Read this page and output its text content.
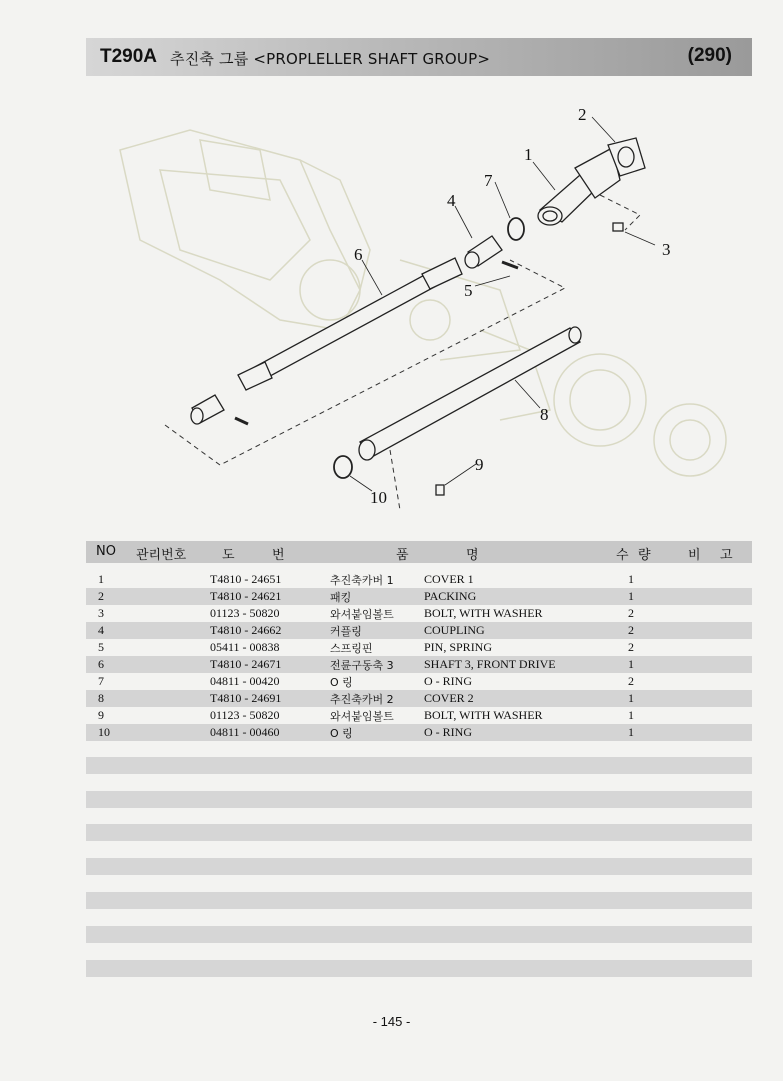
T290A 추진축 그룹 <PROPLELLER SHAFT GROUP>	(290)
1
2
3
4
5
6
7
8
9
10
NO 관리번호	도	번	품	명	수 량	비 고
1	T4810 - 24651	추진축카버 1	COVER 1	1
2	T4810 - 24621	패킹	PACKING	1
3	01123 - 50820	와셔붙임볼트	BOLT, WITH WASHER	2
4	T4810 - 24662	커플링	COUPLING	2
5	05411 - 00838	스프링핀	PIN, SPRING	2
6	T4810 - 24671	전륜구동축 3	SHAFT 3, FRONT DRIVE	1
7	04811 - 00420	O 링	O - RING	2
8	T4810 - 24691	추진축카버 2	COVER 2	1
9	01123 - 50820	와셔붙임볼트	BOLT, WITH WASHER	1
10	04811 - 00460	O 링	O - RING	1
- 145 -
